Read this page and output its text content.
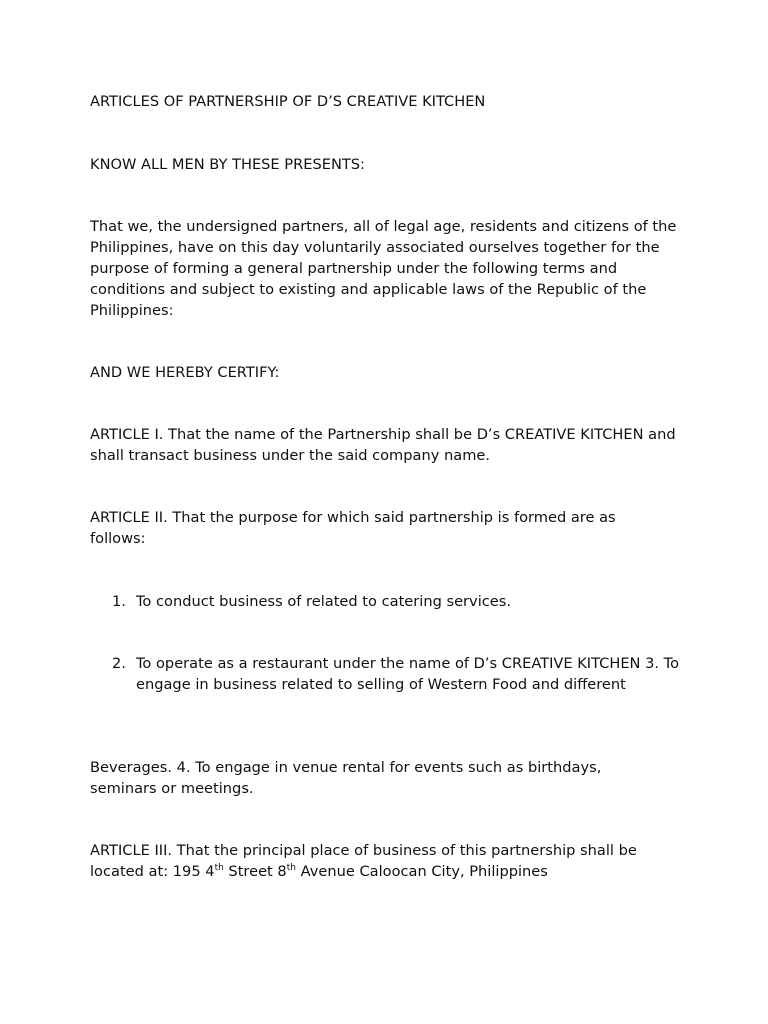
ARTICLES OF PARTNERSHIP OF D’S CREATIVE KITCHEN

KNOW ALL MEN BY THESE PRESENTS:

That we, the undersigned partners, all of legal age, residents and citizens of the Philippines, have on this day voluntarily associated ourselves together for the purpose of forming a general partnership under the following terms and conditions and subject to existing and applicable laws of the Republic of the Philippines:

AND WE HEREBY CERTIFY:

ARTICLE I. That the name of the Partnership shall be D’s CREATIVE KITCHEN and shall transact business under the said company name.

ARTICLE II. That the purpose for which said partnership is formed are as follows:

1. To conduct business of related to catering services.
2. To operate as a restaurant under the name of D’s CREATIVE KITCHEN 3. To engage in business related to selling of Western Food and different

Beverages. 4. To engage in venue rental for events such as birthdays, seminars or meetings.

ARTICLE III. That the principal place of business of this partnership shall be located at: 195 4th Street 8th Avenue Caloocan City, Philippines
